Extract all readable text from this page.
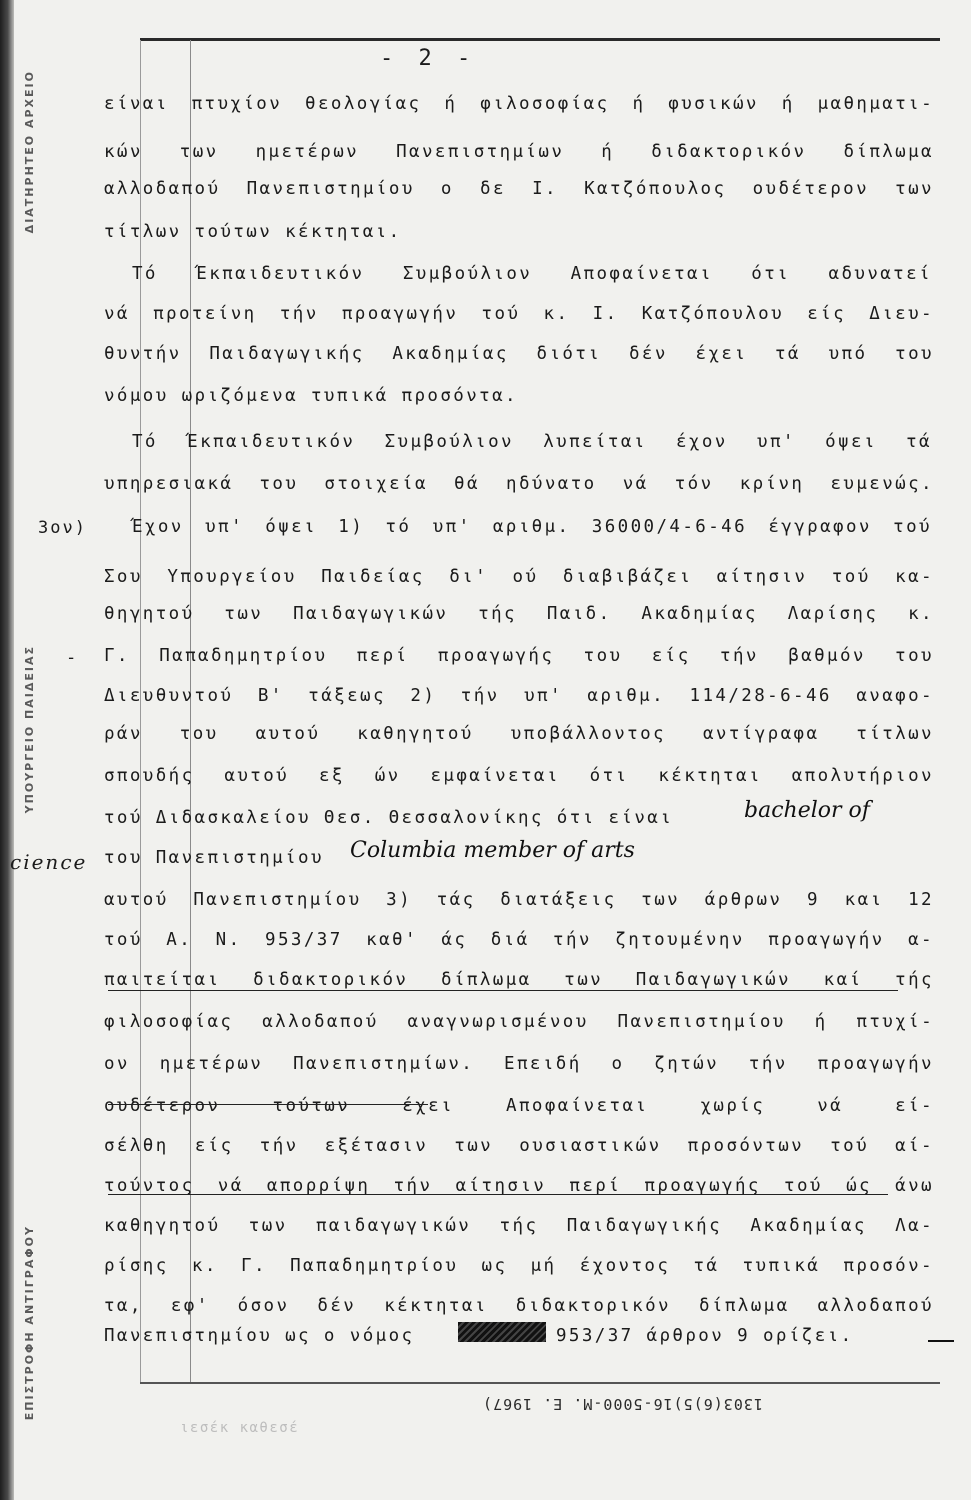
ΔΙΑΤΗΡΗΤΕΟ ΑΡΧΕΙΟ
ΥΠΟΥΡΓΕΙΟ ΠΑΙΔΕΙΑΣ
ΕΠΙΣΤΡΟΦΗ ΑΝΤΙΓΡΑΦΟΥ
- 2 -
είναι πτυχίον θεολογίας ή φιλοσοφίας ή φυσικών ή μαθηματι-
κών των ημετέρων Πανεπιστημίων ή διδακτορικόν δίπλωμα
αλλοδαπού Πανεπιστημίου ο δε Ι. Κατζόπουλος ουδέτερον των
τίτλων τούτων κέκτηται.
Τό Έκπαιδευτικόν Συμβούλιον Αποφαίνεται ότι αδυνατεί
νά προτείνη τήν προαγωγήν τού κ. Ι. Κατζόπουλου είς Διευ-
θυντήν Παιδαγωγικής Ακαδημίας διότι δέν έχει τά υπό του
νόμου ωριζόμενα τυπικά προσόντα.
Τό Έκπαιδευτικόν Συμβούλιον λυπείται έχον υπ' όψει τά
υπηρεσιακά του στοιχεία θά ηδύνατο νά τόν κρίνη ευμενώς.
3ον)	Έχον υπ' όψει 1) τό υπ' αριθμ. 36000/4-6-46 έγγραφον τού
Σου Υπουργείου Παιδείας δι' ού διαβιβάζει αίτησιν τού κα-
θηγητού των Παιδαγωγικών τής Παιδ. Ακαδημίας Λαρίσης κ.
- Γ. Παπαδημητρίου περί προαγωγής του είς τήν βαθμόν του
Διευθυντού Β' τάξεως 2) τήν υπ' αριθμ. 114/28-6-46 αναφο-
ράν του αυτού καθηγητού υποβάλλοντος αντίγραφα τίτλων
σπουδής αυτού εξ ών εμφαίνεται ότι κέκτηται απολυτήριον
τού Διδασκαλείου Θεσ. Θεσσαλονίκης ότι είναι	bachelor of
cience του Πανεπιστημίου	Columbia member of arts
αυτού Πανεπιστημίου 3) τάς διατάξεις των άρθρων 9 και 12
τού Α. Ν. 953/37 καθ' άς διά τήν ζητουμένην προαγωγήν α-
παιτείται διδακτορικόν δίπλωμα των Παιδαγωγικών καί τής
φιλοσοφίας αλλοδαπού αναγνωρισμένου Πανεπιστημίου ή πτυχί-
ον ημετέρων Πανεπιστημίων. Επειδή ο ζητών τήν προαγωγήν
ουδέτερον τούτων έχει Αποφαίνεται χωρίς νά εί-
σέλθη είς τήν εξέτασιν των ουσιαστικών προσόντων τού αί-
τούντος νά απορρίψη τήν αίτησιν περί προαγωγής τού ώς άνω
καθηγητού των παιδαγωγικών τής Παιδαγωγικής Ακαδημίας Λα-
ρίσης κ. Γ. Παπαδημητρίου ως μή έχοντος τά τυπικά προσόν-
τα, εφ' όσον δέν κέκτηται διδακτορικόν δίπλωμα αλλοδαπού
Πανεπιστημίου ως ο νόμος	953/37 άρθρον 9 ορίζει.
1303(6)5)16-5000-M. E. 1967)
ιεσέκ καθεσέ
